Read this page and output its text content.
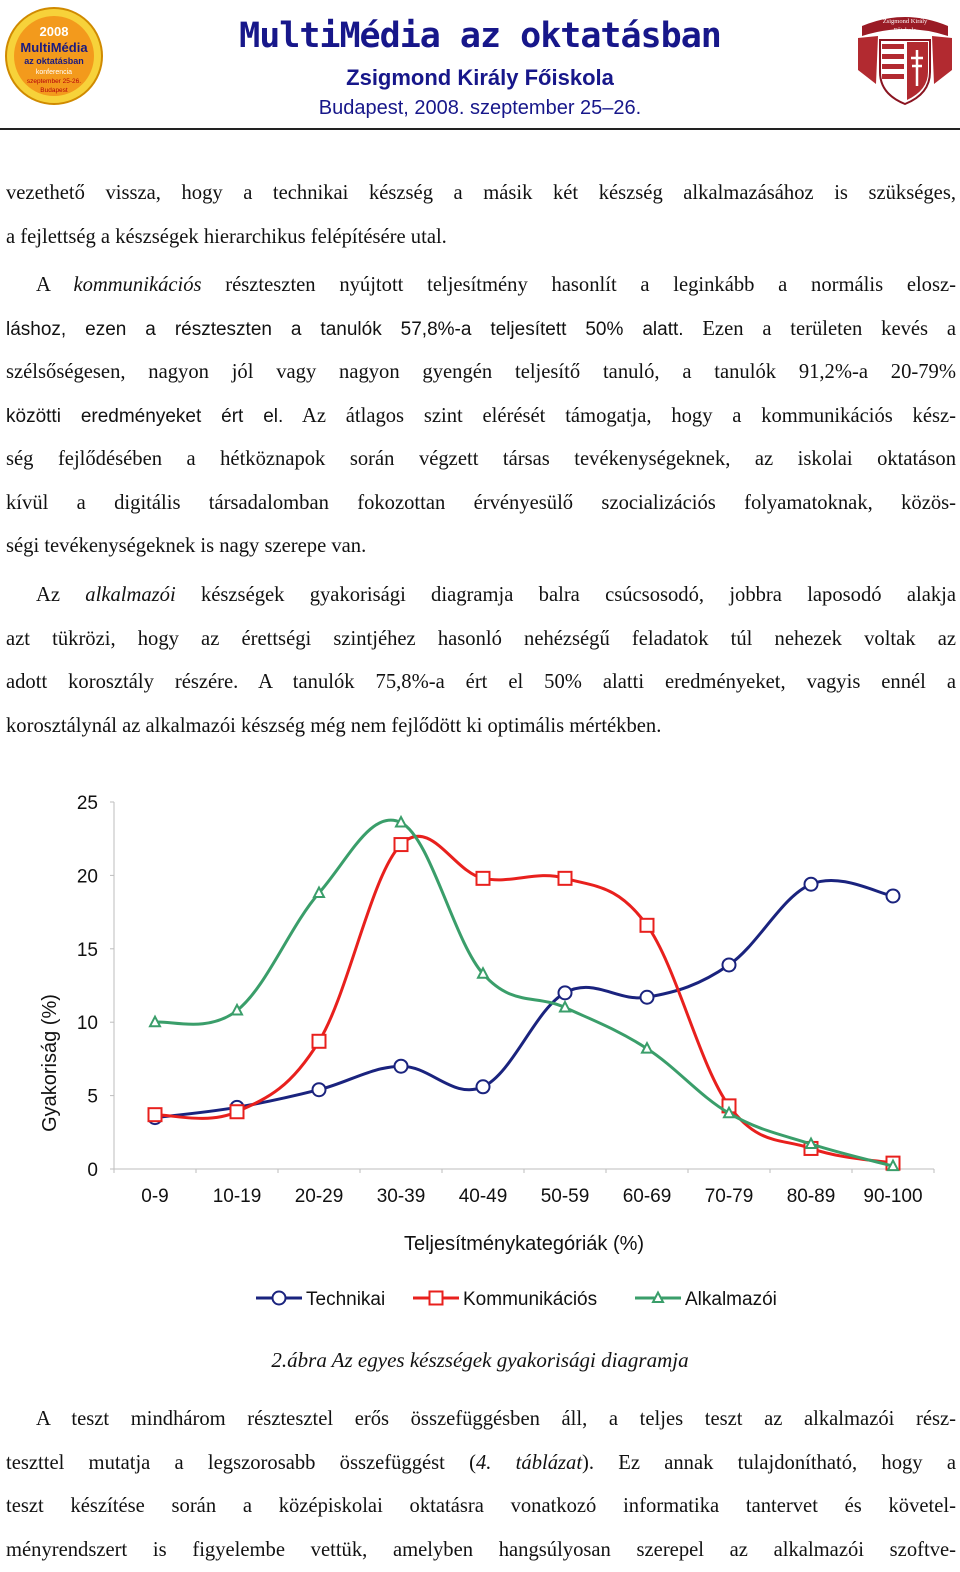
2008
MultiMédia
az oktatásban
konferencia
szeptember 25-26.
Budapest
MultiMédia az oktatásban
Zsigmond Király Főiskola
Budapest, 2008. szeptember 25–26.
Zsigmond Király
Főiskola

vezethető vissza, hogy a technikai készség a másik két készség alkalmazásához is szükséges,
a fejlettség a készségek hierarchikus felépítésére utal.

A kommunikációs részteszten nyújtott teljesítmény hasonlít a leginkább a normális elosz-
láshoz, ezen a részteszten a tanulók 57,8%-a teljesített 50% alatt. Ezen a területen kevés a
szélsőségesen, nagyon jól vagy nagyon gyengén teljesítő tanuló, a tanulók 91,2%-a 20-79%
közötti eredményeket ért el. Az átlagos szint elérését támogatja, hogy a kommunikációs kész-
ség fejlődésében a hétköznapok során végzett társas tevékenységeknek, az iskolai oktatáson
kívül a digitális társadalomban fokozottan érvényesülő szocializációs folyamatoknak, közös-
ségi tevékenységeknek is nagy szerepe van.

Az alkalmazói készségek gyakorisági diagramja balra csúcsosodó, jobbra laposodó alakja
azt tükrözi, hogy az érettségi szintjéhez hasonló nehézségű feladatok túl nehezek voltak az
adott korosztály részére. A tanulók 75,8%-a ért el 50% alatti eredményeket, vagyis ennél a
korosztálynál az alkalmazói készség még nem fejlődött ki optimális mértékben.

0
5
10
15
20
25
0-9 10-19 20-29 30-39 40-49 50-59 60-69 70-79 80-89 90-100
Gyakoriság (%)
Teljesítménykategóriák (%)
Technikai	Kommunikációs	Alkalmazói
2.ábra Az egyes készségek gyakorisági diagramja

A teszt mindhárom résztesztel erős összefüggésben áll, a teljes teszt az alkalmazói rész-
teszttel mutatja a legszorosabb összefüggést (4. táblázat). Ez annak tulajdonítható, hogy a
teszt készítése során a középiskolai oktatásra vonatkozó informatika tantervet és követel-
ményrendszert is figyelembe vettük, amelyben hangsúlyosan szerepel az alkalmazói szoftve-
